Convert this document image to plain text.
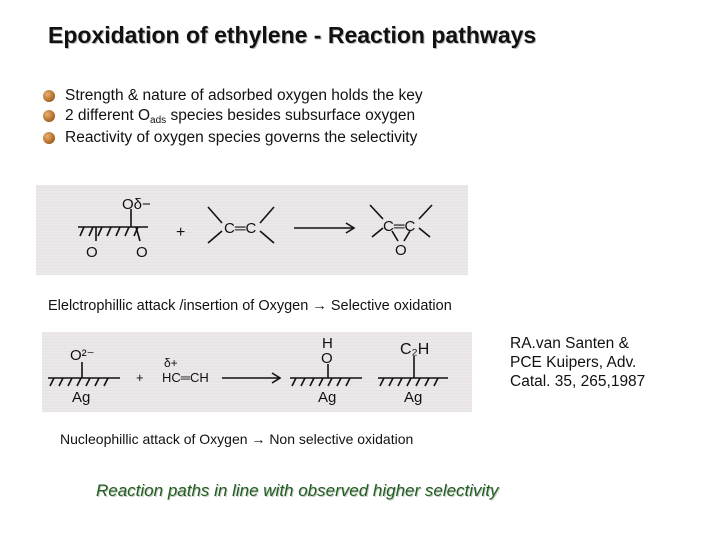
Epoxidation of ethylene - Reaction pathways
Strength & nature of adsorbed oxygen holds the key
2 different Oads species besides subsurface oxygen
Reactivity of oxygen species governs the selectivity
Oδ−
O	O
+	C═C	C═C
O
Elelctrophillic attack /insertion of Oxygen → Selective oxidation
O²⁻
Ag
+
δ+
HC═CH
H
O
Ag
C₂H
Ag
RA.van Santen &
PCE Kuipers, Adv.
Catal. 35, 265,1987
Nucleophillic attack of Oxygen → Non selective oxidation
Reaction paths in line with observed higher selectivity
